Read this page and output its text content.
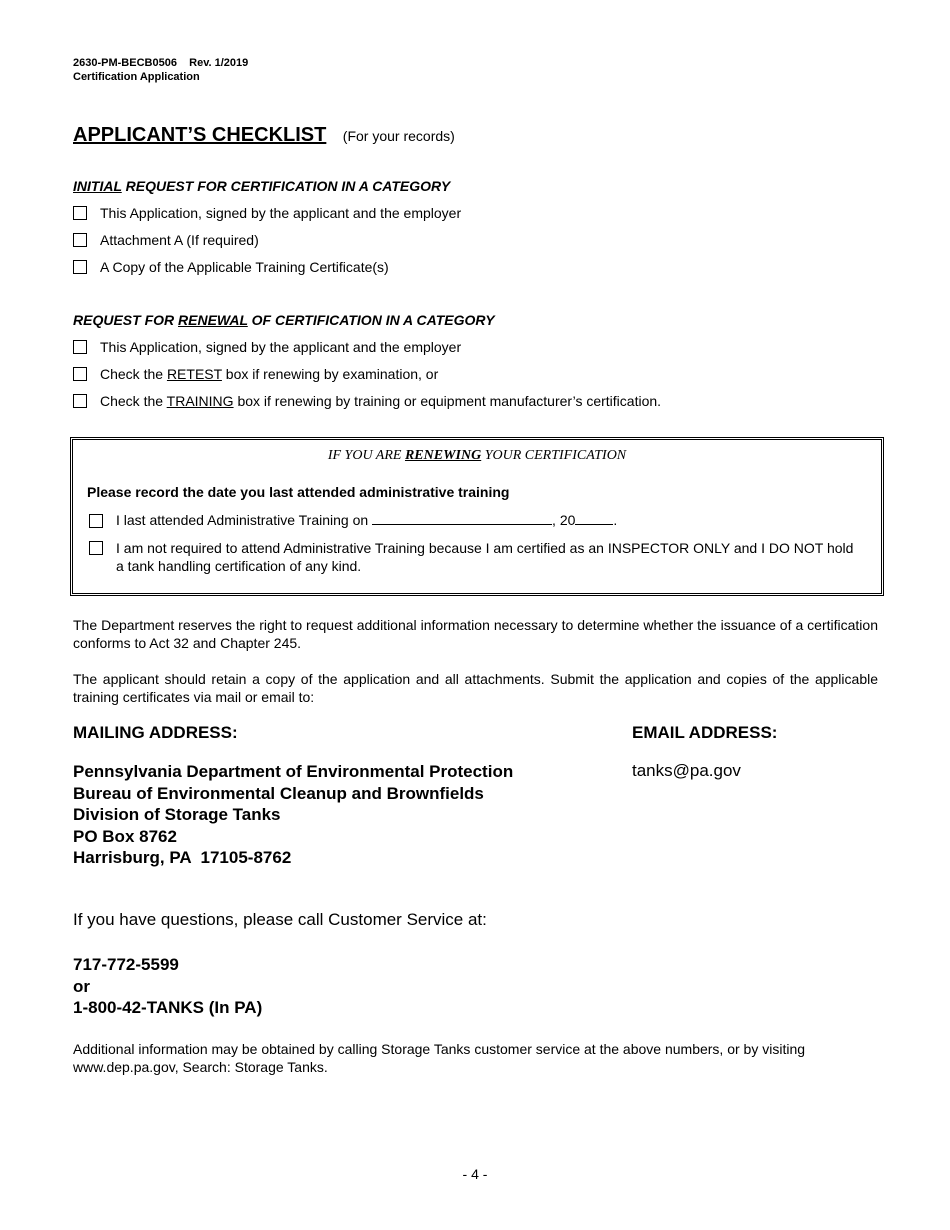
2630-PM-BECB0506    Rev. 1/2019
Certification Application
APPLICANT’S CHECKLIST (For your records)
INITIAL REQUEST FOR CERTIFICATION IN A CATEGORY
This Application, signed by the applicant and the employer
Attachment A (If required)
A Copy of the Applicable Training Certificate(s)
REQUEST FOR RENEWAL OF CERTIFICATION IN A CATEGORY
This Application, signed by the applicant and the employer
Check the RETEST box if renewing by examination, or
Check the TRAINING box if renewing by training or equipment manufacturer’s certification.
IF YOU ARE RENEWING YOUR CERTIFICATION
Please record the date you last attended administrative training
I last attended Administrative Training on	, 20	.
I am not required to attend Administrative Training because I am certified as an INSPECTOR ONLY and I DO NOT hold a tank handling certification of any kind.
The Department reserves the right to request additional information necessary to determine whether the issuance of a certification conforms to Act 32 and Chapter 245.
The applicant should retain a copy of the application and all attachments. Submit the application and copies of the applicable training certificates via mail or email to:
MAILING ADDRESS:	EMAIL ADDRESS:
Pennsylvania Department of Environmental Protection
Bureau of Environmental Cleanup and Brownfields
Division of Storage Tanks
PO Box 8762
Harrisburg, PA  17105-8762
tanks@pa.gov
If you have questions, please call Customer Service at:
717-772-5599
or
1-800-42-TANKS (In PA)
Additional information may be obtained by calling Storage Tanks customer service at the above numbers, or by visiting www.dep.pa.gov, Search: Storage Tanks.
- 4 -
